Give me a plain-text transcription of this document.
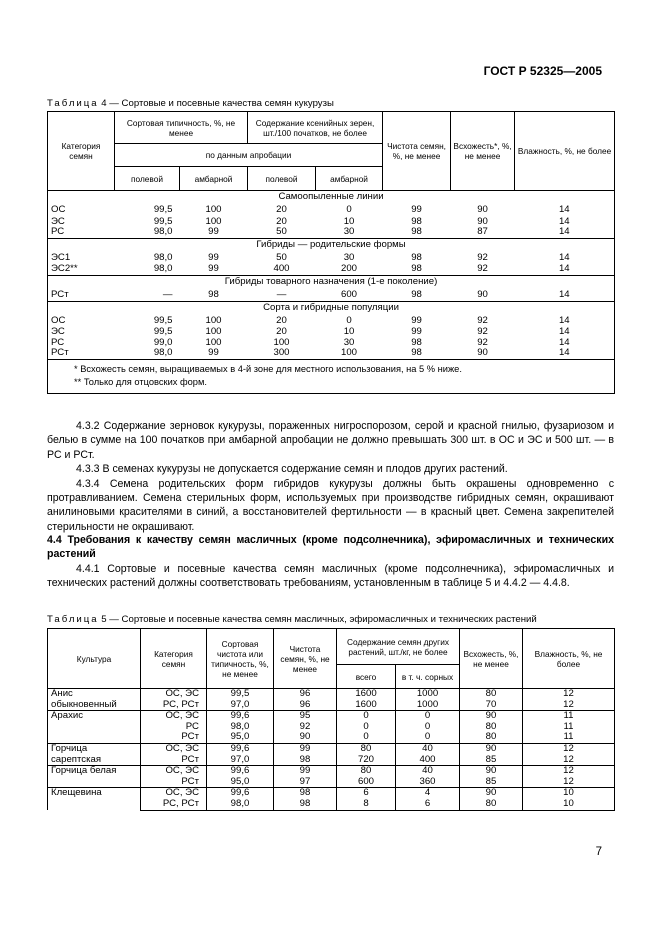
ГОСТ Р 52325—2005
Таблица 4 — Сортовые и посевные качества семян кукурузы
Категория семян	Сортовая типичность, %, не менее		Содержание ксенийных зерен, шт./100 початков, не более		Чистота семян, %, не менее	Всхожесть*, %, не менее	Влажность, %, не более
	по данным апробации						
	полевой	амбарной	полевой	амбарной			
Самоопыленные линии							
ОС	99,5	100	20	0	99	90	14
ЭС	99,5	100	20	10	98	90	14
РС	98,0	99	50	30	98	87	14
Гибриды — родительские формы							
ЭС1	98,0	99	50	30	98	92	14
ЭС2**	98,0	99	400	200	98	92	14
Гибриды товарного назначения (1-е поколение)							
РСт	—	98	—	600	98	90	14
Сорта и гибридные популяции							
ОС	99,5	100	20	0	99	92	14
ЭС	99,5	100	20	10	99	92	14
РС	99,0	100	100	30	98	92	14
РСт	98,0	99	300	100	98	90	14

* Всхожесть семян, выращиваемых в 4-й зоне для местного использования, на 5 % ниже.
** Только для отцовских форм.							

4.3.2 Содержание зерновок кукурузы, пораженных нигроспорозом, серой и красной гнилью, фузариозом и белью в сумме на 100 початков при амбарной апробации не должно превышать 300 шт. в ОС и ЭС и 500 шт. — в РС и РСт.

4.3.3 В семенах кукурузы не допускается содержание семян и плодов других растений.

4.3.4 Семена родительских форм гибридов кукурузы должны быть окрашены одновременно с протравливанием. Семена стерильных форм, используемых при производстве гибридных семян, окрашивают анилиновыми красителями в синий, а восстановителей фертильности — в красный цвет. Семена закрепителей стерильности не окрашивают.

4.4 Требования к качеству семян масличных (кроме подсолнечника), эфиромасличных и технических растений

4.4.1 Сортовые и посевные качества семян масличных (кроме подсолнечника), эфиромасличных и технических растений должны соответствовать требованиям, установленным в таблице 5 и 4.4.2 — 4.4.8.

Таблица 5 — Сортовые и посевные качества семян масличных, эфиромасличных и технических растений
Культура	Категория семян	Сортовая чистота или типичность, %, не менее	Чистота семян, %, не менее	Содержание семян других растений, шт./кг, не более		Всхожесть, %, не менее	Влажность, %, не более
				всего	в т. ч. сорных		

Анис
обыкновенный	ОС, ЭС	99,5	96	1600	1000	80	12
	РС, РСт	97,0	96	1600	1000	70	12

Арахис	ОС, ЭС	99,6	95	0	0	90	11
	РС	98,0	92	0	0	80	11
	РСт	95,0	90	0	0	80	11

Горчица
сарептская	ОС, ЭС	99,6	99	80	40	90	12
	РСт	97,0	98	720	400	85	12

Горчица белая	ОС, ЭС	99,6	99	80	40	90	12
	РСт	95,0	97	600	360	85	12

Клещевина	ОС, ЭС	99,6	98	6	4	90	10
	РС, РСт	98,0	98	8	6	80	10
7
